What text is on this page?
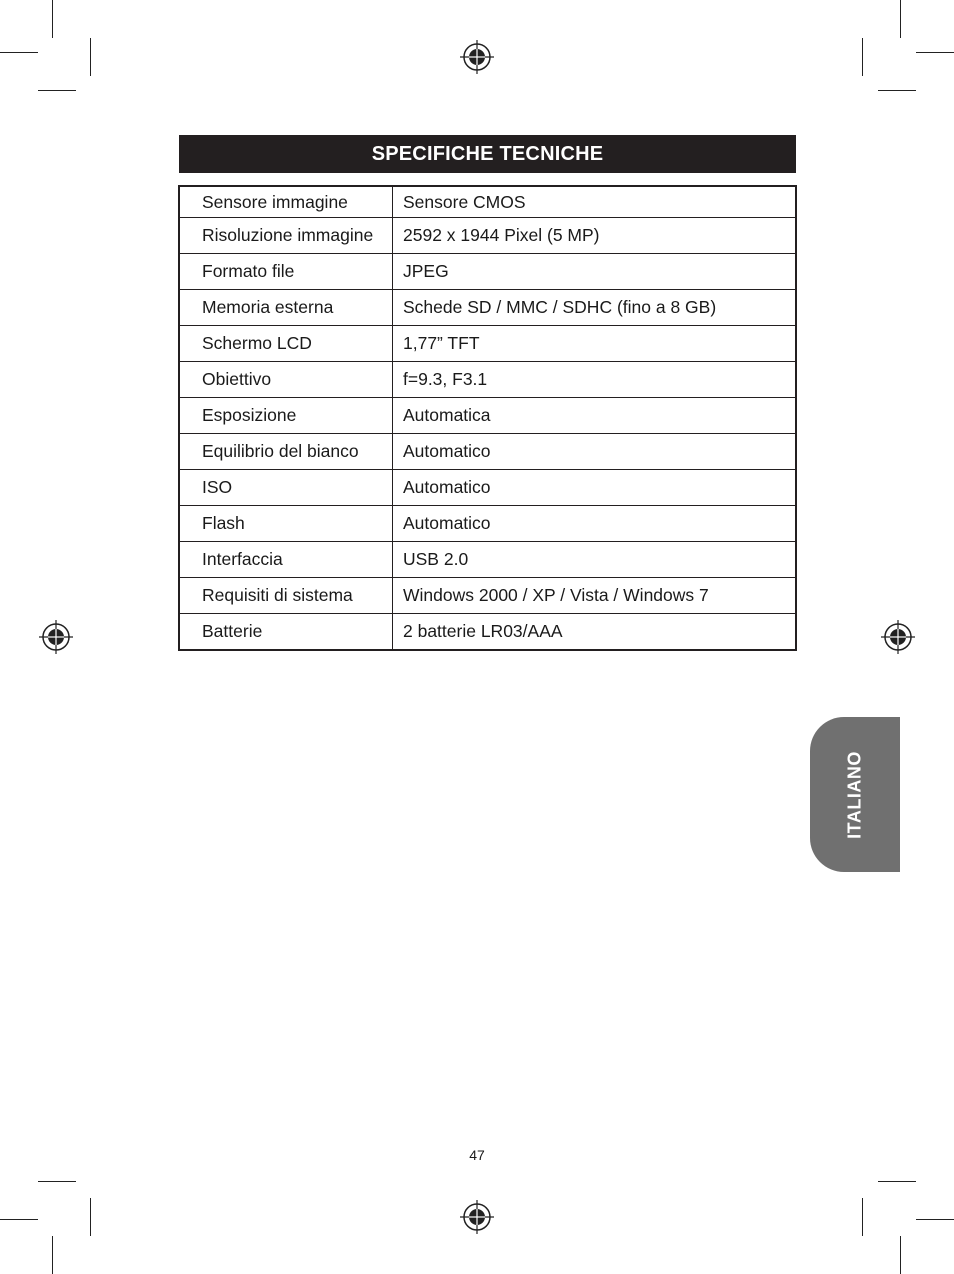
SPECIFICHE TECNICHE
Sensore immagine	Sensore CMOS
Risoluzione immagine	2592 x 1944 Pixel (5 MP)
Formato file	JPEG
Memoria esterna	Schede SD / MMC / SDHC (fino a 8 GB)
Schermo LCD	1,77” TFT
Obiettivo	f=9.3, F3.1
Esposizione	Automatica
Equilibrio del bianco	Automatico
ISO	Automatico
Flash	Automatico
Interfaccia	USB 2.0
Requisiti di sistema	Windows 2000 / XP / Vista / Windows 7
Batterie	2 batterie LR03/AAA
ITALIANO
47
